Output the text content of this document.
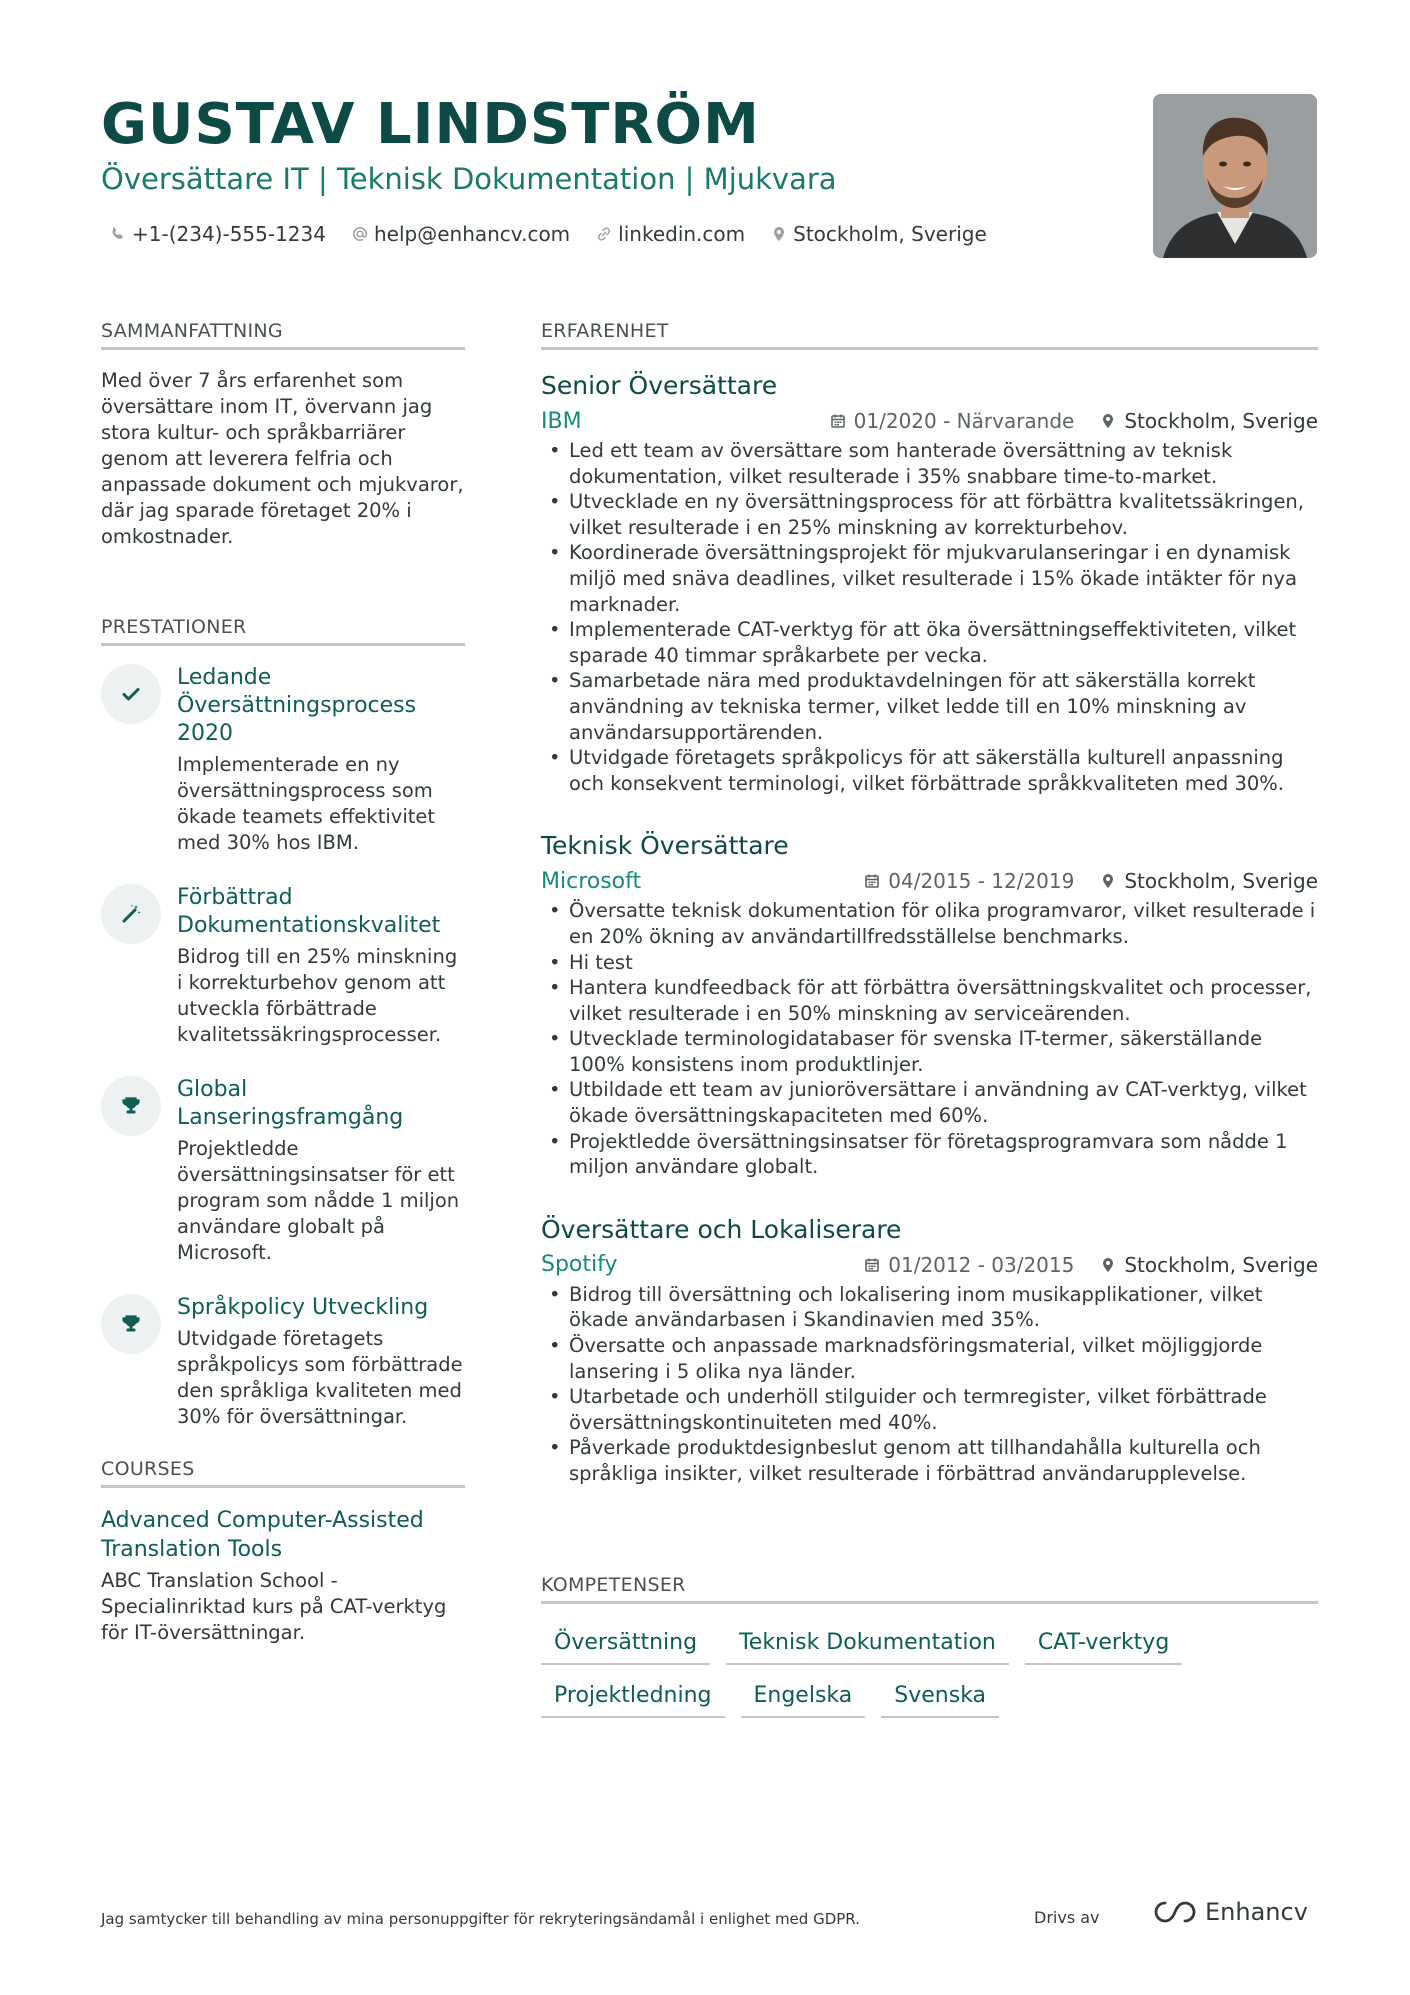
GUSTAV LINDSTRÖM
Översättare IT | Teknisk Dokumentation | Mjukvara
+1-(234)-555-1234 help@enhancv.com linkedin.com Stockholm, Sverige
SAMMANFATTNING
Med över 7 års erfarenhet som översättare inom IT, övervann jag stora kultur- och språkbarriärer genom att leverera felfria och anpassade dokument och mjukvaror, där jag sparade företaget 20% i omkostnader.
PRESTATIONER
Ledande Översättningsprocess 2020
Implementerade en ny översättningsprocess som ökade teamets effektivitet med 30% hos IBM.
Förbättrad Dokumentationskvalitet
Bidrog till en 25% minskning i korrekturbehov genom att utveckla förbättrade kvalitetssäkringsprocesser.
Global Lanseringsframgång
Projektledde översättningsinsatser för ett program som nådde 1 miljon användare globalt på Microsoft.
Språkpolicy Utveckling
Utvidgade företagets språkpolicys som förbättrade den språkliga kvaliteten med 30% för översättningar.
COURSES
Advanced Computer-Assisted Translation Tools
ABC Translation School - Specialinriktad kurs på CAT-verktyg för IT-översättningar.
ERFARENHET
Senior Översättare
IBM	01/2020 - Närvarande	Stockholm, Sverige
• Led ett team av översättare som hanterade översättning av teknisk dokumentation, vilket resulterade i 35% snabbare time-to-market.
• Utvecklade en ny översättningsprocess för att förbättra kvalitetssäkringen, vilket resulterade i en 25% minskning av korrekturbehov.
• Koordinerade översättningsprojekt för mjukvarulanseringar i en dynamisk miljö med snäva deadlines, vilket resulterade i 15% ökade intäkter för nya marknader.
• Implementerade CAT-verktyg för att öka översättningseffektiviteten, vilket sparade 40 timmar språkarbete per vecka.
• Samarbetade nära med produktavdelningen för att säkerställa korrekt användning av tekniska termer, vilket ledde till en 10% minskning av användarsupportärenden.
• Utvidgade företagets språkpolicys för att säkerställa kulturell anpassning och konsekvent terminologi, vilket förbättrade språkkvaliteten med 30%.
Teknisk Översättare
Microsoft	04/2015 - 12/2019	Stockholm, Sverige
• Översatte teknisk dokumentation för olika programvaror, vilket resulterade i en 20% ökning av användartillfredsställelse benchmarks.
• Hi test
• Hantera kundfeedback för att förbättra översättningskvalitet och processer, vilket resulterade i en 50% minskning av serviceärenden.
• Utvecklade terminologidatabaser för svenska IT-termer, säkerställande 100% konsistens inom produktlinjer.
• Utbildade ett team av junioröversättare i användning av CAT-verktyg, vilket ökade översättningskapaciteten med 60%.
• Projektledde översättningsinsatser för företagsprogramvara som nådde 1 miljon användare globalt.
Översättare och Lokaliserare
Spotify	01/2012 - 03/2015	Stockholm, Sverige
• Bidrog till översättning och lokalisering inom musikapplikationer, vilket ökade användarbasen i Skandinavien med 35%.
• Översatte och anpassade marknadsföringsmaterial, vilket möjliggjorde lansering i 5 olika nya länder.
• Utarbetade och underhöll stilguider och termregister, vilket förbättrade översättningskontinuiteten med 40%.
• Påverkade produktdesignbeslut genom att tillhandahålla kulturella och språkliga insikter, vilket resulterade i förbättrad användarupplevelse.
KOMPETENSER
Översättning	Teknisk Dokumentation	CAT-verktyg
Projektledning	Engelska	Svenska
Jag samtycker till behandling av mina personuppgifter för rekryteringsändamål i enlighet med GDPR.	Drivs av	Enhancv
